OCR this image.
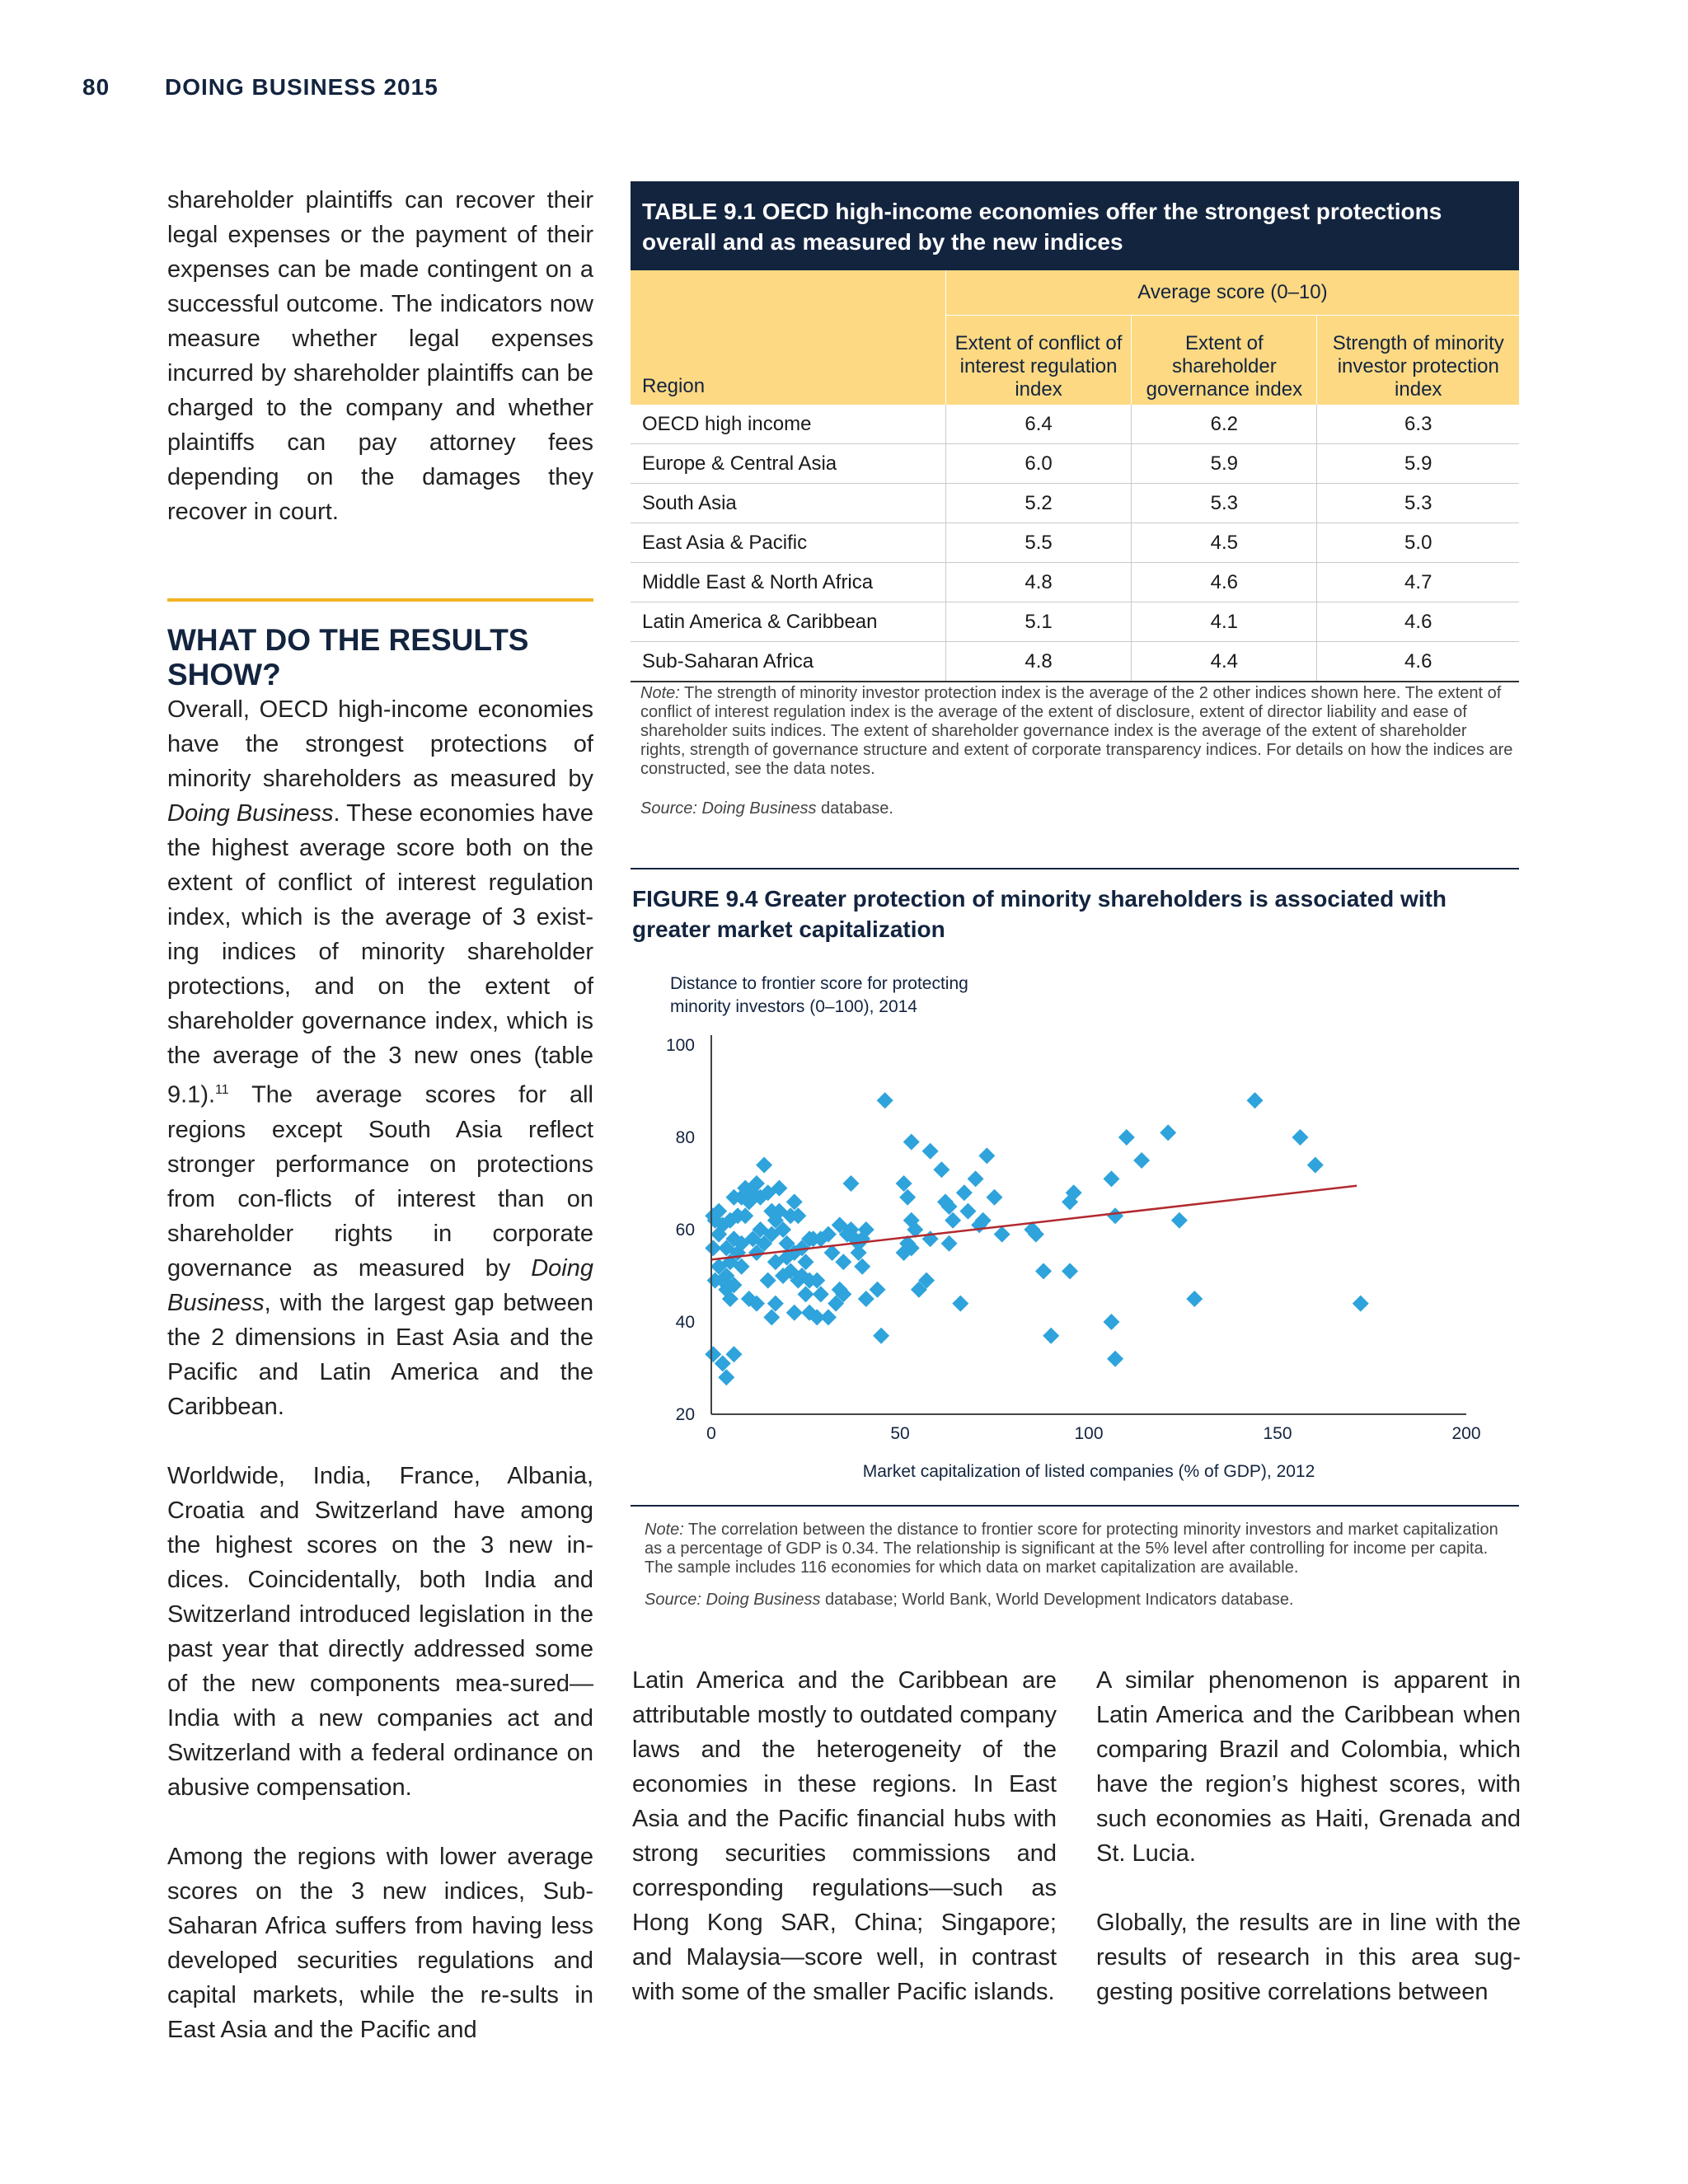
80 DOING BUSINESS 2015

shareholder plaintiffs can recover their legal expenses or the payment of their expenses can be made contingent on a successful outcome. The indicators now measure whether legal expenses incurred by shareholder plaintiffs can be charged to the company and whether plaintiffs can pay attorney fees depending on the damages they recover in court.

WHAT DO THE RESULTS SHOW?

Overall, OECD high-income economies have the strongest protections of minority shareholders as measured by Doing Business. These economies have the highest average score both on the extent of conflict of interest regulation index, which is the average of 3 exist-ing indices of minority shareholder protections, and on the extent of shareholder governance index, which is the average of the 3 new ones (table 9.1).$^{11}$ The average scores for all regions except South Asia reflect stronger performance on protections from con-flicts of interest than on shareholder rights in corporate governance as measured by Doing Business, with the largest gap between the 2 dimensions in East Asia and the Pacific and Latin America and the Caribbean.

Worldwide, India, France, Albania, Croatia and Switzerland have among the highest scores on the 3 new in-dices. Coincidentally, both India and Switzerland introduced legislation in the past year that directly addressed some of the new components mea-sured—India with a new companies act and Switzerland with a federal ordinance on abusive compensation.

Among the regions with lower average scores on the 3 new indices, Sub-Saharan Africa suffers from having less developed securities regulations and capital markets, while the re-sults in East Asia and the Pacific and

TABLE 9.1 OECD high-income economies offer the strongest protections overall and as measured by the new indices
Region	Average score (0–10)		
	Extent of conflict of interest regulation index	Extent of shareholder governance index	Strength of minority investor protection index
OECD high income	6.4	6.2	6.3
Europe & Central Asia	6.0	5.9	5.9
South Asia	5.2	5.3	5.3
East Asia & Pacific	5.5	4.5	5.0
Middle East & North Africa	4.8	4.6	4.7
Latin America & Caribbean	5.1	4.1	4.6
Sub-Saharan Africa	4.8	4.4	4.6
Note: The strength of minority investor protection index is the average of the 2 other indices shown here. The extent of conflict of interest regulation index is the average of the extent of disclosure, extent of director liability and ease of shareholder suits indices. The extent of shareholder governance index is the average of the extent of shareholder rights, strength of governance structure and extent of corporate transparency indices. For details on how the indices are constructed, see the data notes.
Source: Doing Business database.
FIGURE 9.4 Greater protection of minority shareholders is associated with greater market capitalization
Distance to frontier score for protecting minority investors (0–100), 2014
20
40
60
80
100
0	50	100	150	200
Market capitalization of listed companies (% of GDP), 2012
Note: The correlation between the distance to frontier score for protecting minority investors and market capitalization as a percentage of GDP is 0.34. The relationship is significant at the 5% level after controlling for income per capita. The sample includes 116 economies for which data on market capitalization are available.
Source: Doing Business database; World Bank, World Development Indicators database.

Latin America and the Caribbean are attributable mostly to outdated company laws and the heterogeneity of the economies in these regions. In East Asia and the Pacific financial hubs with strong securities commissions and corresponding regulations—such as Hong Kong SAR, China; Singapore; and Malaysia—score well, in contrast with some of the smaller Pacific islands.

A similar phenomenon is apparent in Latin America and the Caribbean when comparing Brazil and Colombia, which have the region’s highest scores, with such economies as Haiti, Grenada and St. Lucia.

Globally, the results are in line with the results of research in this area sug-gesting positive correlations between
